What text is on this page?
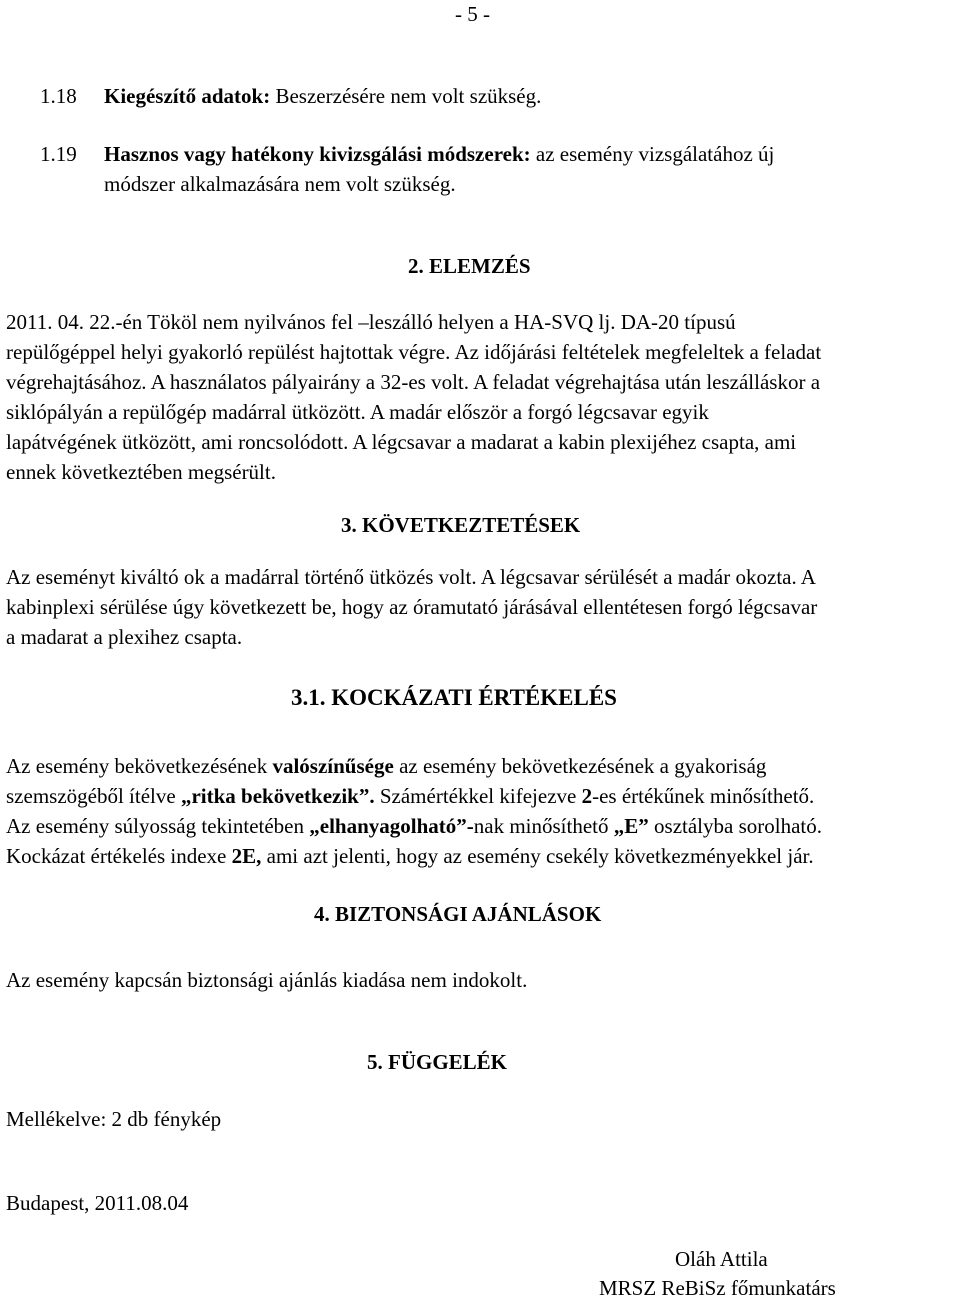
- 5 -
1.18 Kiegészítő adatok: Beszerzésére nem volt szükség.
1.19 Hasznos vagy hatékony kivizsgálási módszerek: az esemény vizsgálatához új
módszer alkalmazására nem volt szükség.
2. ELEMZÉS
2011. 04. 22.-én Tököl nem nyilvános fel –leszálló helyen a HA-SVQ lj. DA-20 típusú
repülőgéppel helyi gyakorló repülést hajtottak végre. Az időjárási feltételek megfeleltek a feladat
végrehajtásához. A használatos pályairány a 32-es volt. A feladat végrehajtása után leszálláskor a
siklópályán a repülőgép madárral ütközött. A madár először a forgó légcsavar egyik
lapátvégének ütközött, ami roncsolódott. A légcsavar a madarat a kabin plexijéhez csapta, ami
ennek következtében megsérült.
3. KÖVETKEZTETÉSEK
Az eseményt kiváltó ok a madárral történő ütközés volt. A légcsavar sérülését a madár okozta. A
kabinplexi sérülése úgy következett be, hogy az óramutató járásával ellentétesen forgó légcsavar
a madarat a plexihez csapta.
3.1. KOCKÁZATI ÉRTÉKELÉS
Az esemény bekövetkezésének valószínűsége az esemény bekövetkezésének a gyakoriság
szemszögéből ítélve „ritka bekövetkezik”. Számértékkel kifejezve 2-es értékűnek minősíthető.
Az esemény súlyosság tekintetében „elhanyagolható”-nak minősíthető „E” osztályba sorolható.
Kockázat értékelés indexe 2E, ami azt jelenti, hogy az esemény csekély következményekkel jár.
4. BIZTONSÁGI AJÁNLÁSOK
Az esemény kapcsán biztonsági ajánlás kiadása nem indokolt.
5. FÜGGELÉK
Mellékelve: 2 db fénykép
Budapest, 2011.08.04
Oláh Attila
MRSZ ReBiSz főmunkatárs
